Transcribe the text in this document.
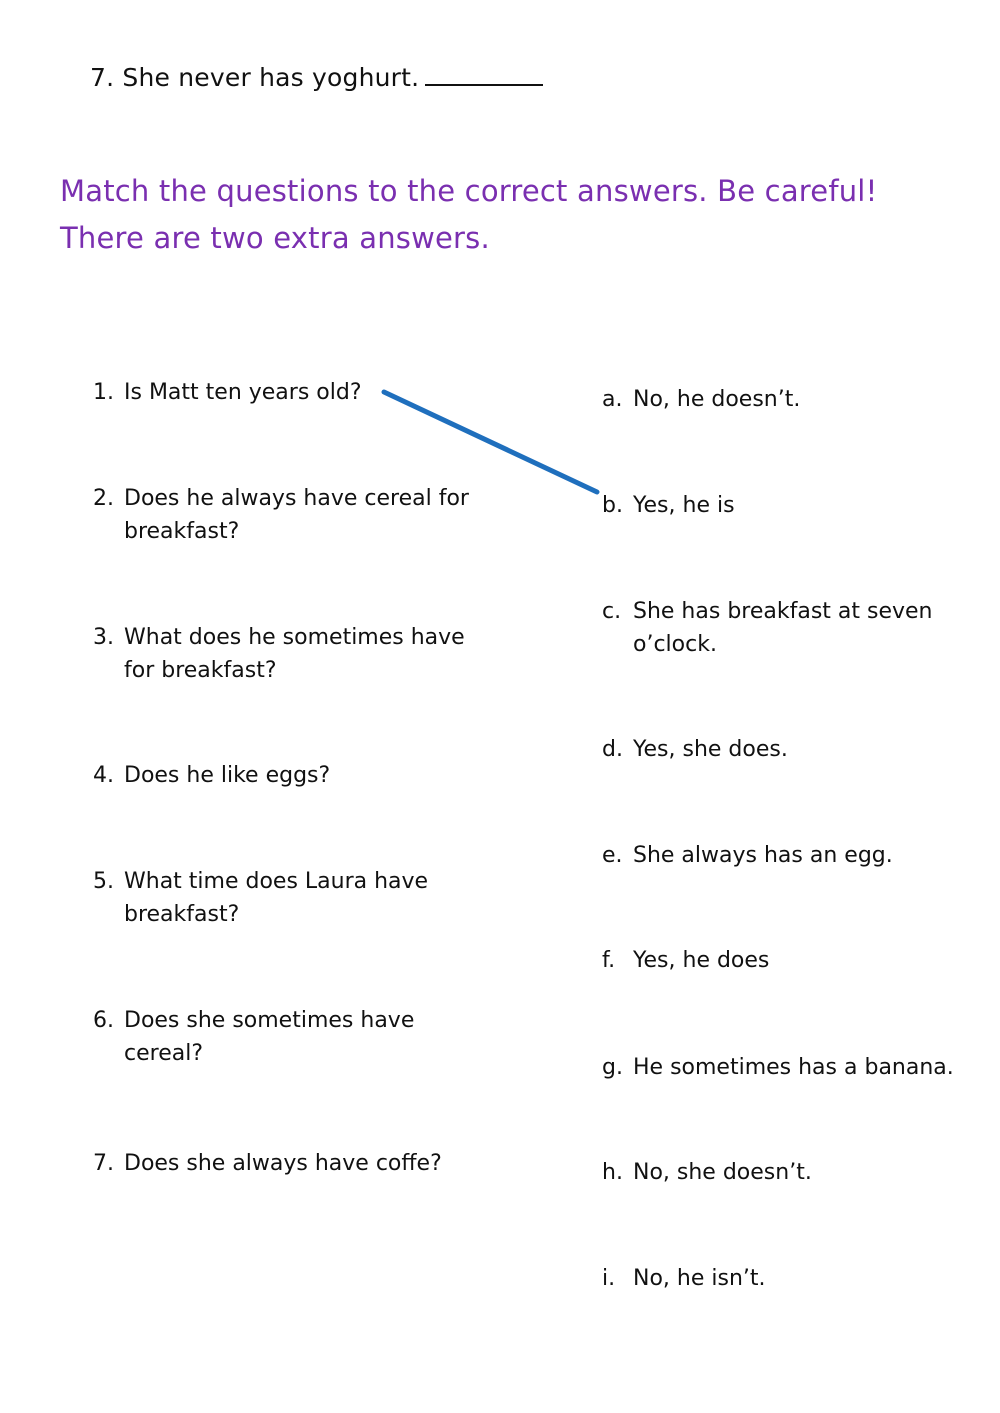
7. She never has yoghurt.
Match the questions to the correct answers. Be careful!
There are two extra answers.
1. Is Matt ten years old?
2. Does he always have cereal for breakfast?
3. What does he sometimes have for breakfast?
4. Does he like eggs?
5. What time does Laura have breakfast?
6. Does she sometimes have cereal?
7. Does she always have coffe?
a. No, he doesn’t.
b. Yes, he is
c. She has breakfast at seven o’clock.
d. Yes, she does.
e. She always has an egg.
f. Yes, he does
g. He sometimes has a banana.
h. No, she doesn’t.
i. No, he isn’t.
